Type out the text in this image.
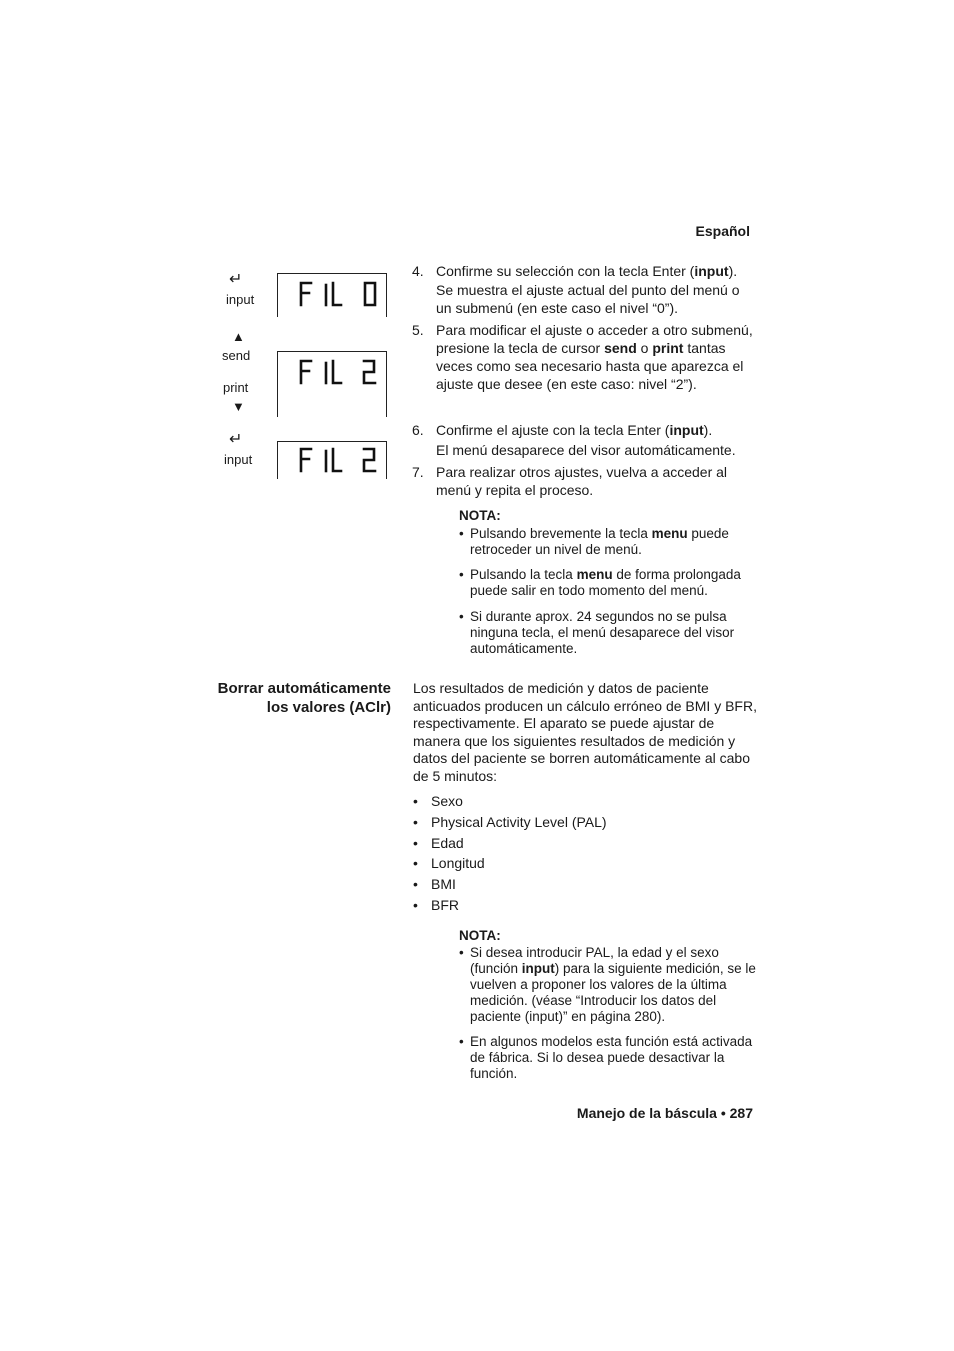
Español
↵
input
▲
send
print
▼
↵
input
4. Confirme su selección con la tecla Enter (input).
Se muestra el ajuste actual del punto del menú o un submenú (en este caso el nivel “0”).
5. Para modificar el ajuste o acceder a otro submenú, presione la tecla de cursor send o print tantas veces como sea necesario hasta que aparezca el ajuste que desee (en este caso: nivel “2”).
6. Confirme el ajuste con la tecla Enter (input).
El menú desaparece del visor automáticamente.
7. Para realizar otros ajustes, vuelva a acceder al menú y repita el proceso.
NOTA:
• Pulsando brevemente la tecla menu puede retroceder un nivel de menú.
• Pulsando la tecla menu de forma prolongada puede salir en todo momento del menú.
• Si durante aprox. 24 segundos no se pulsa ninguna tecla, el menú desaparece del visor automáticamente.
Borrar automáticamente los valores (AClr)
Los resultados de medición y datos de paciente anticuados producen un cálculo erróneo de BMI y BFR, respectivamente. El aparato se puede ajustar de manera que los siguientes resultados de medición y datos del paciente se borren automáticamente al cabo de 5 minutos:
• Sexo
• Physical Activity Level (PAL)
• Edad
• Longitud
• BMI
• BFR
NOTA:
• Si desea introducir PAL, la edad y el sexo (función input) para la siguiente medición, se le vuelven a proponer los valores de la última medición. (véase “Introducir los datos del paciente (input)” en página 280).
• En algunos modelos esta función está activada de fábrica. Si lo desea puede desactivar la función.
Manejo de la báscula • 287
